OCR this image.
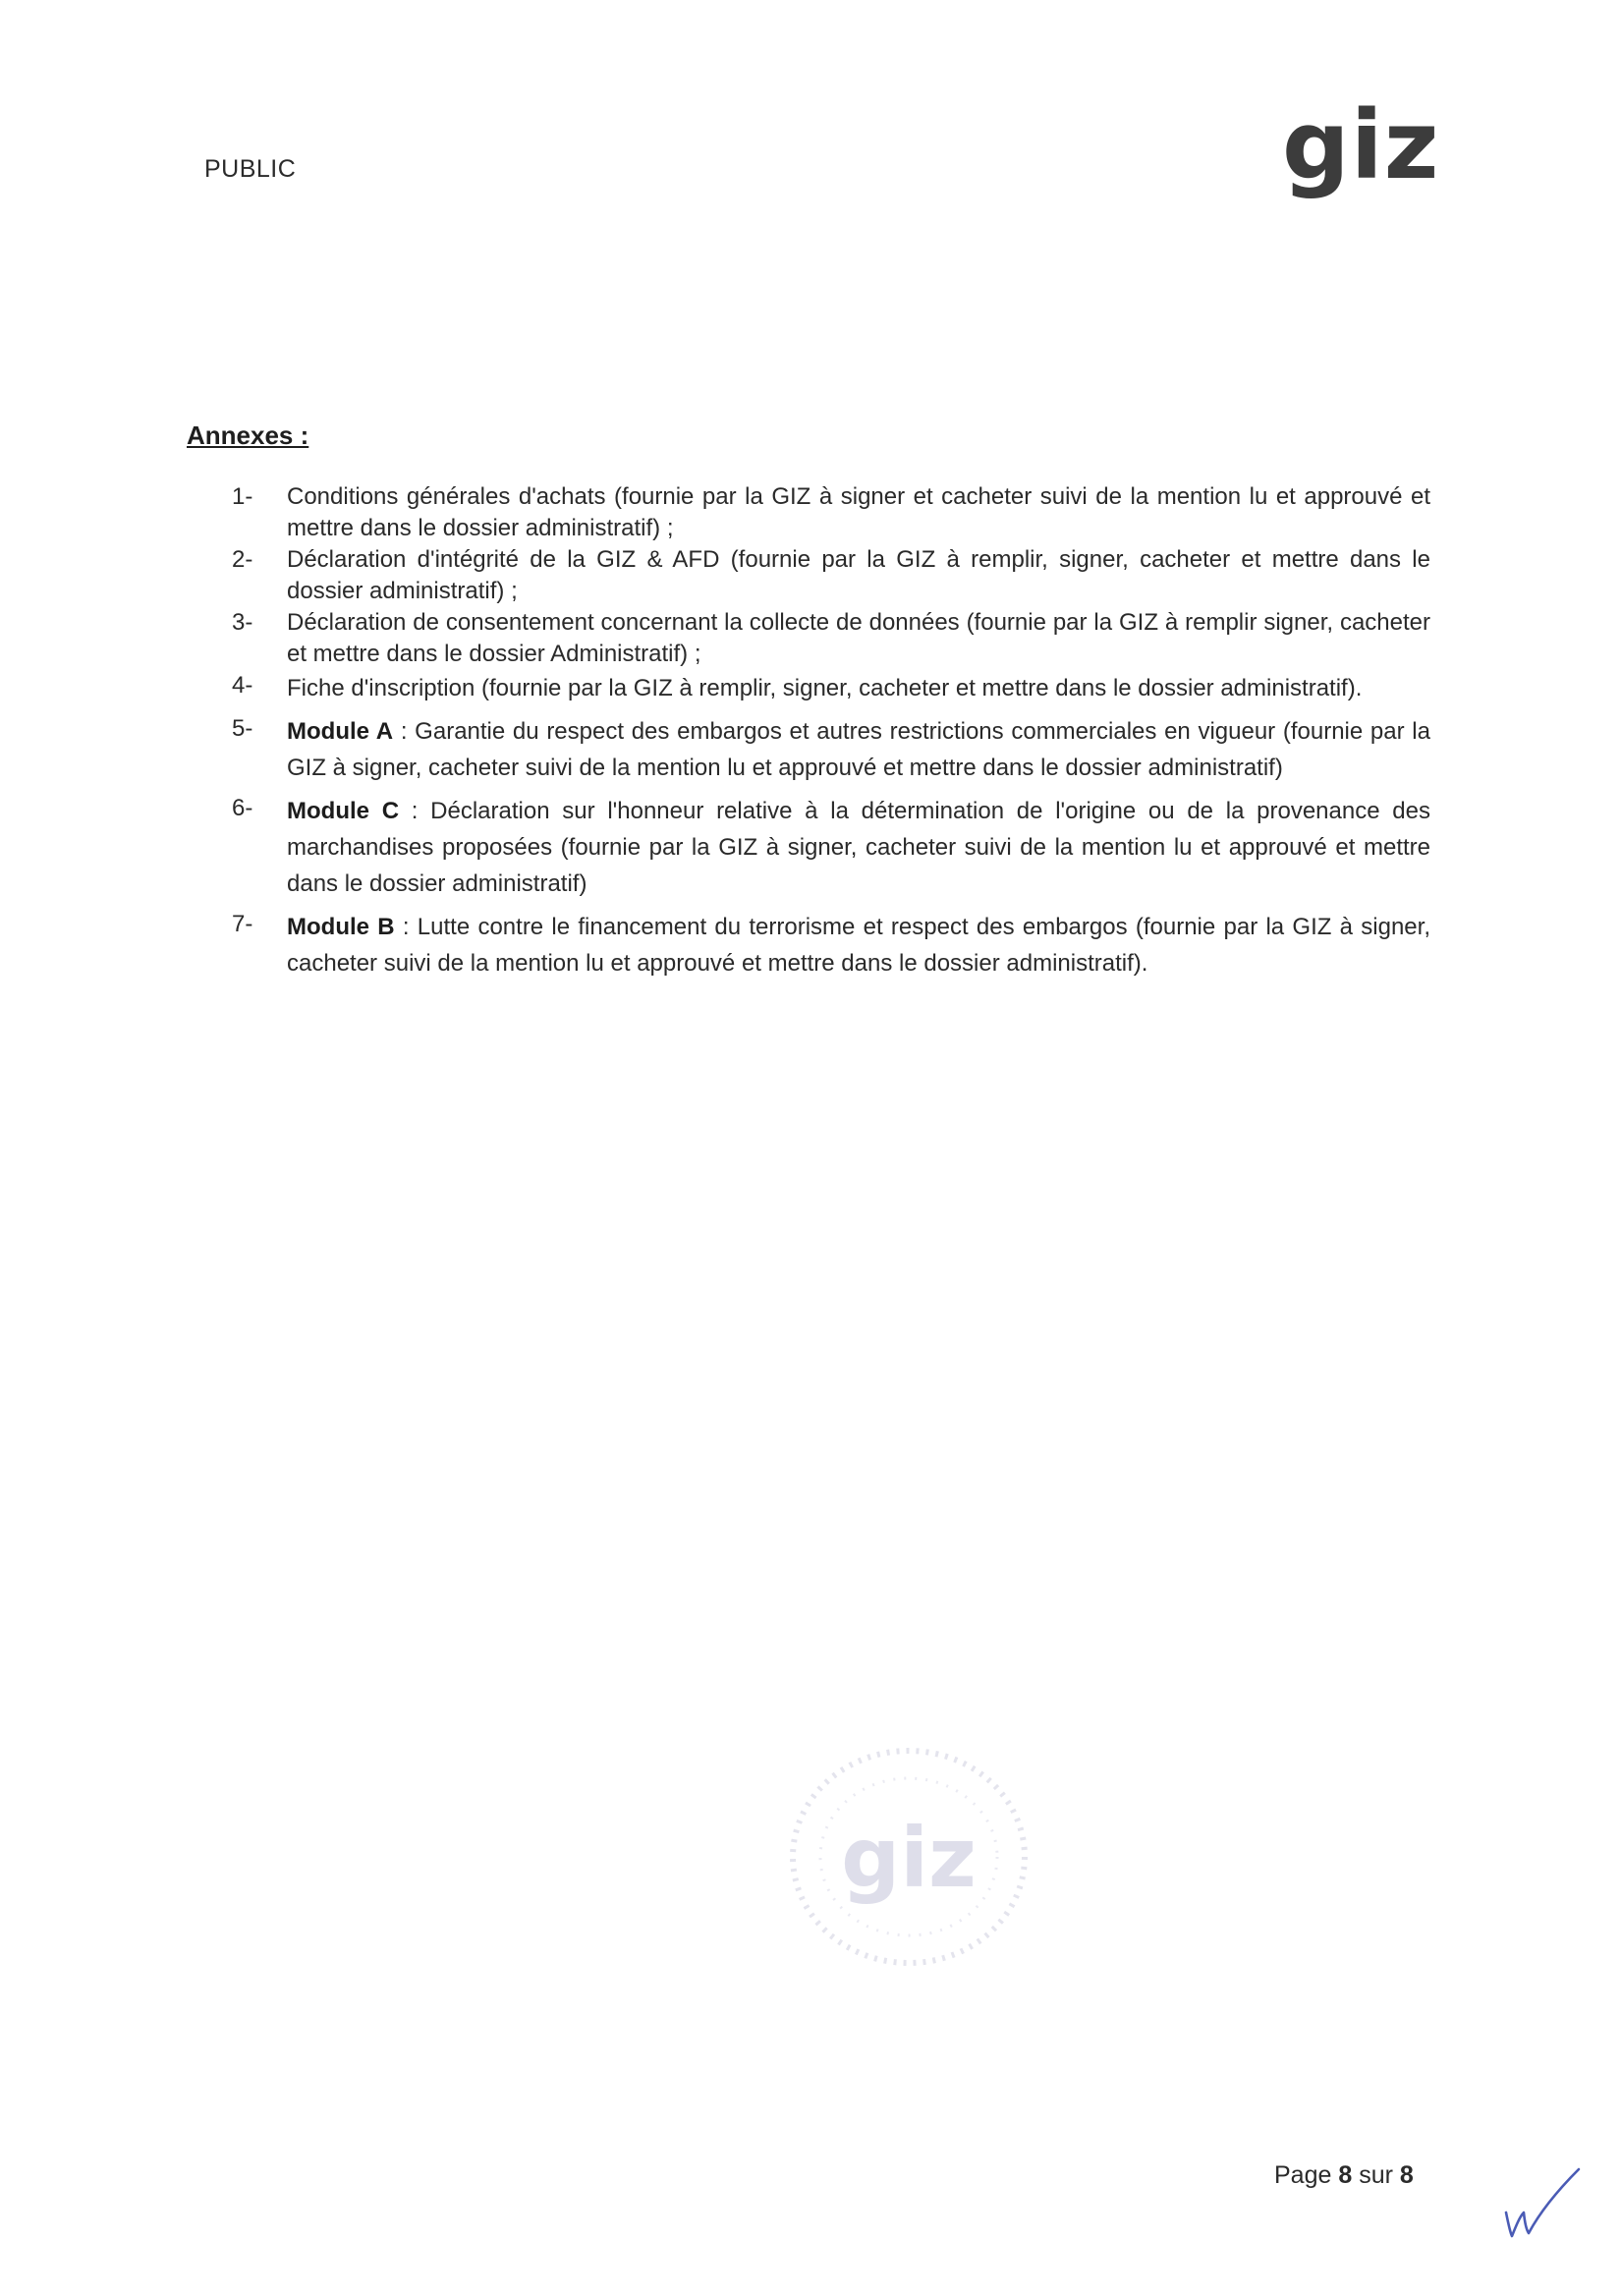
PUBLIC	giz
Annexes :
1-	Conditions générales d'achats (fournie par la GIZ à signer et cacheter suivi de la mention lu et approuvé et mettre dans le dossier administratif) ;
2-	Déclaration d'intégrité de la GIZ & AFD (fournie par la GIZ à remplir, signer, cacheter et mettre dans le dossier administratif) ;
3-	Déclaration de consentement concernant la collecte de données (fournie par la GIZ à remplir signer, cacheter et mettre dans le dossier Administratif) ;
4-	Fiche d'inscription (fournie par la GIZ à remplir, signer, cacheter et mettre dans le dossier administratif).
5-	Module A : Garantie du respect des embargos et autres restrictions commerciales en vigueur (fournie par la GIZ à signer, cacheter suivi de la mention lu et approuvé et mettre dans le dossier administratif)
6-	Module C : Déclaration sur l'honneur relative à la détermination de l'origine ou de la provenance des marchandises proposées (fournie par la GIZ à signer, cacheter suivi de la mention lu et approuvé et mettre dans le dossier administratif)
7-	Module B : Lutte contre le financement du terrorisme et respect des embargos (fournie par la GIZ à signer, cacheter suivi de la mention lu et approuvé et mettre dans le dossier administratif).
giz
Page 8 sur 8
